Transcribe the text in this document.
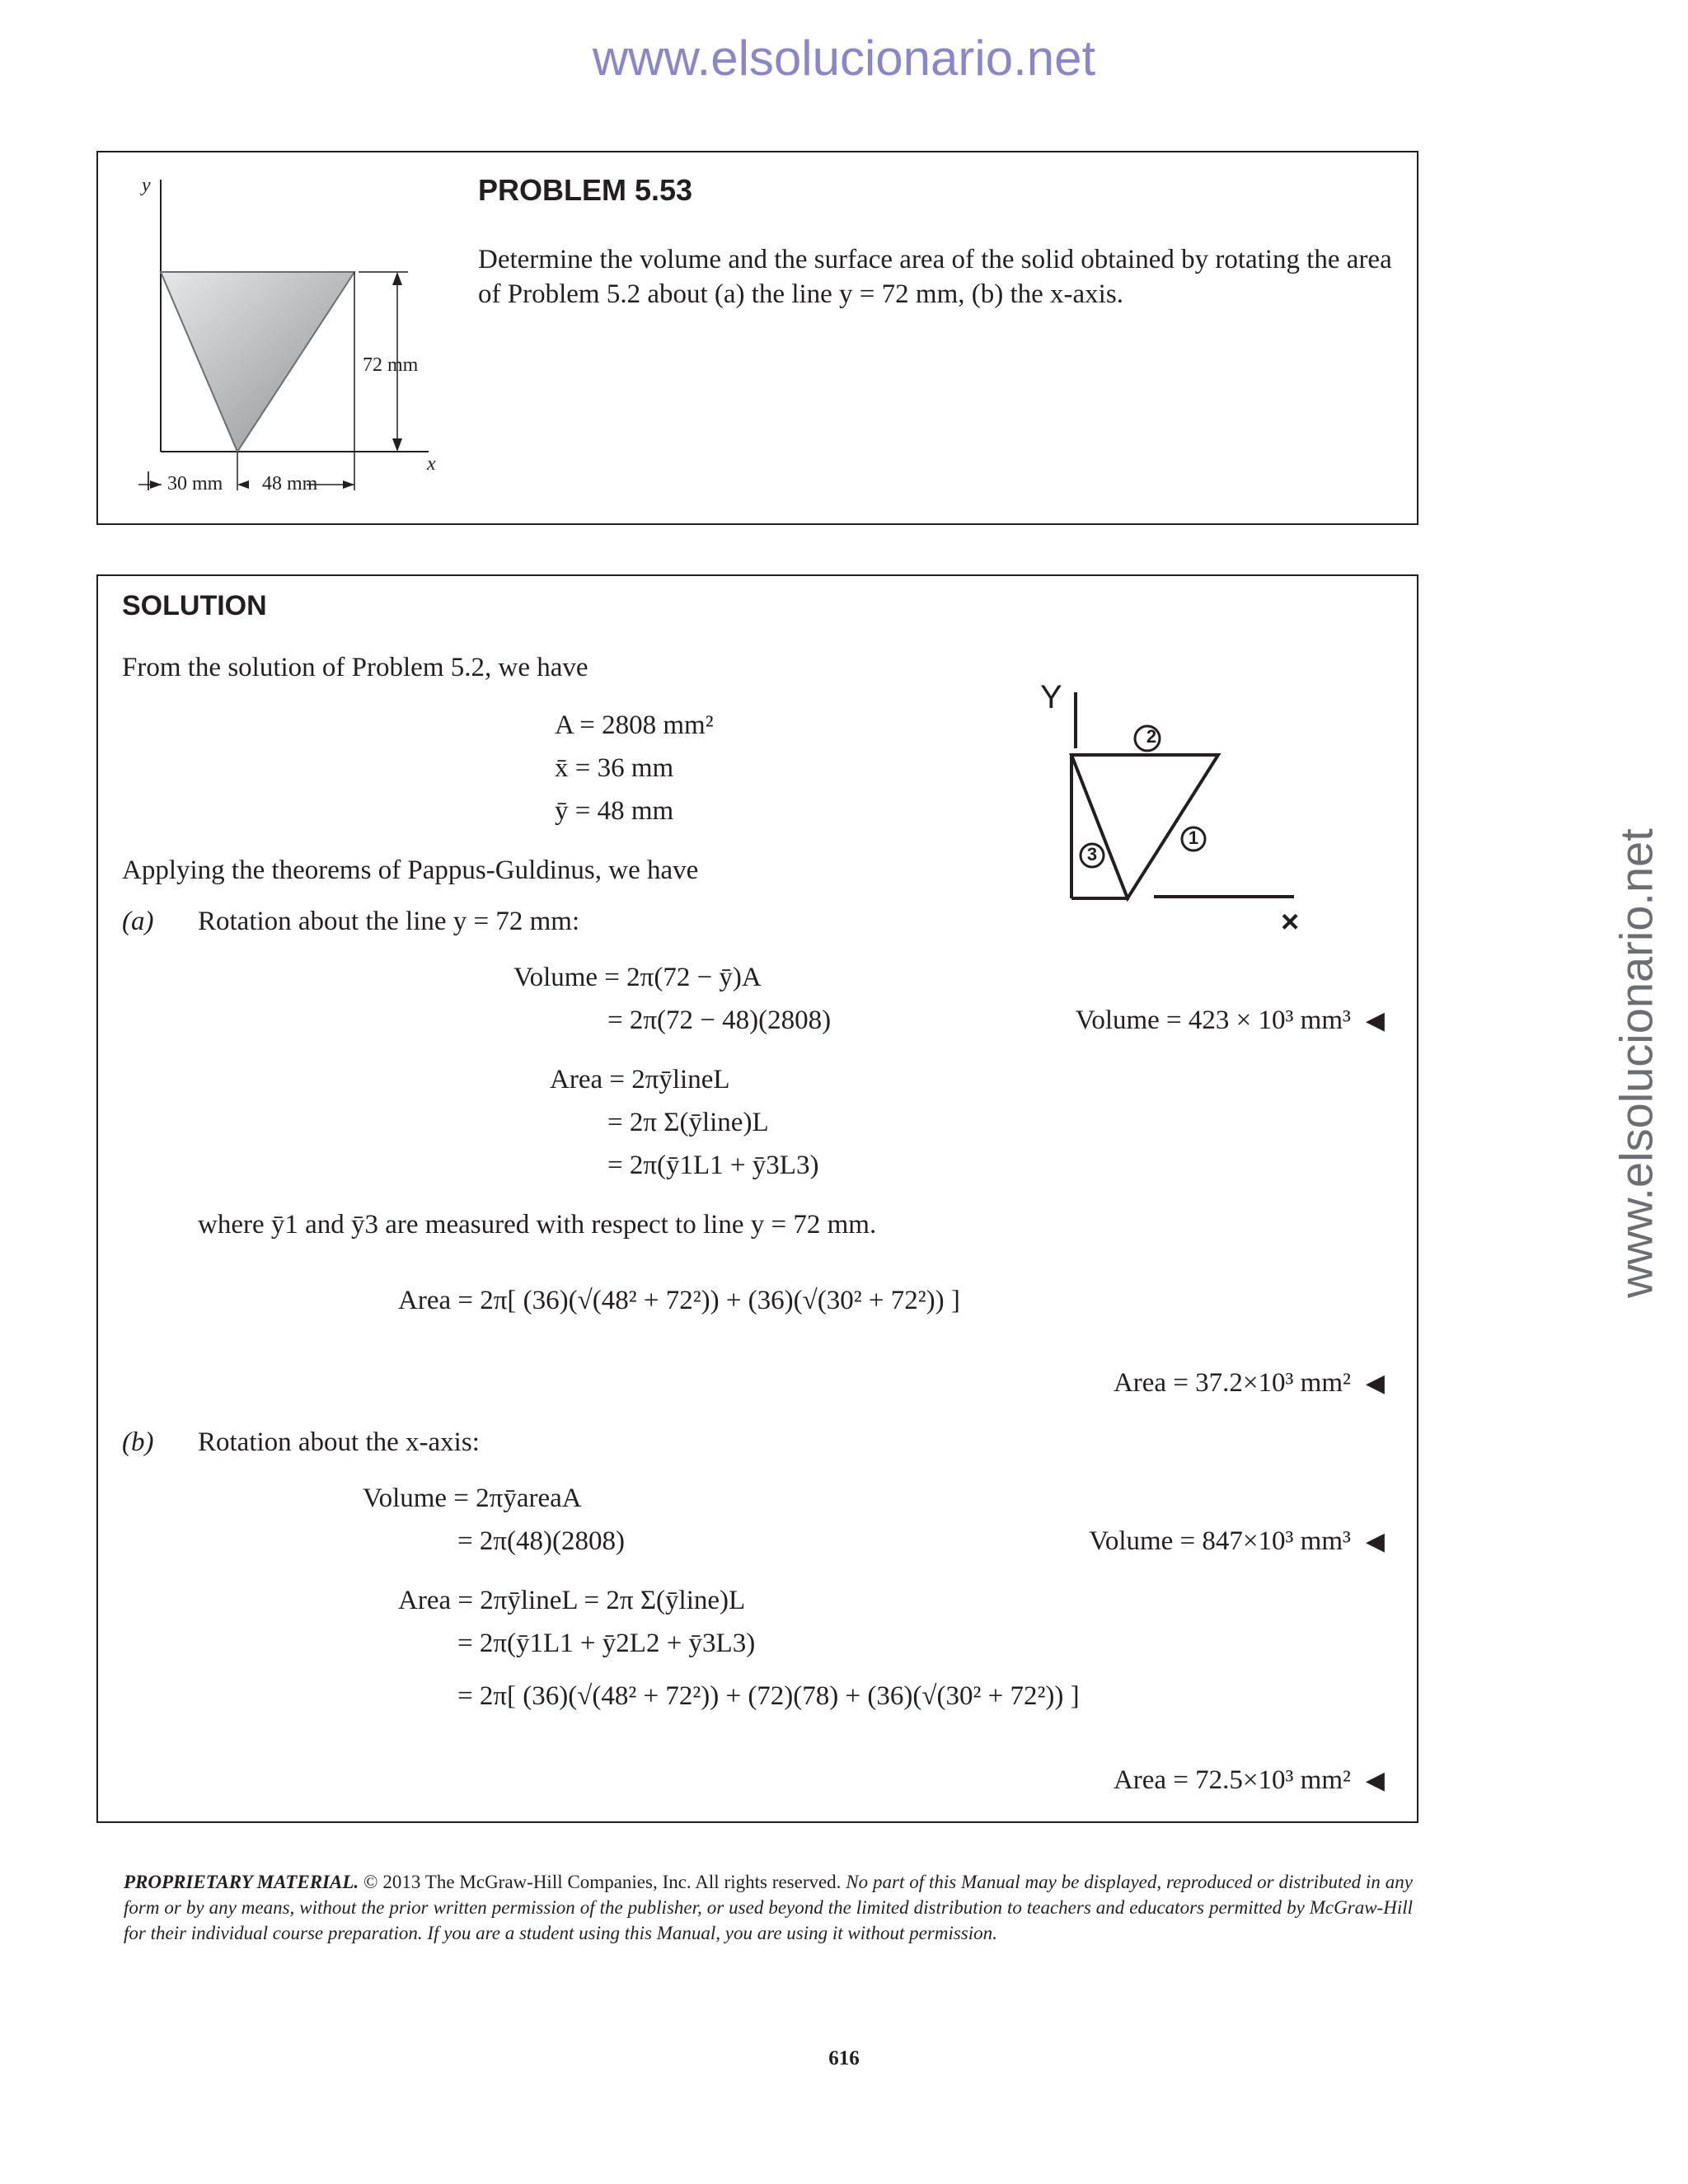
www.elsolucionario.net
www.elsolucionario.net
y
x
72 mm
30 mm 48 mm
PROBLEM 5.53
Determine the volume and the surface area of the solid obtained by rotating the area of Problem 5.2 about (a) the line y = 72 mm, (b) the x-axis.
SOLUTION
From the solution of Problem 5.2, we have
A = 2808 mm²
x̄ = 36 mm
ȳ = 48 mm
Y
×
2
1
3
Applying the theorems of Pappus-Guldinus, we have
(a) Rotation about the line y = 72 mm:
Volume = 2π(72 − ȳ)A
= 2π(72 − 48)(2808)	Volume = 423 × 10³ mm³ ◀
Area = 2πȳlineL
= 2π Σ(ȳline)L
= 2π(ȳ1L1 + ȳ3L3)
where ȳ1 and ȳ3 are measured with respect to line y = 72 mm.
Area = 2π[ (36)(√(48² + 72²)) + (36)(√(30² + 72²)) ]
Area = 37.2×10³ mm² ◀
(b) Rotation about the x-axis:
Volume = 2πȳareaA
= 2π(48)(2808)	Volume = 847×10³ mm³ ◀
Area = 2πȳlineL = 2π Σ(ȳline)L
= 2π(ȳ1L1 + ȳ2L2 + ȳ3L3)
= 2π[ (36)(√(48² + 72²)) + (72)(78) + (36)(√(30² + 72²)) ]
Area = 72.5×10³ mm² ◀
PROPRIETARY MATERIAL. © 2013 The McGraw-Hill Companies, Inc. All rights reserved. No part of this Manual may be displayed, reproduced or distributed in any form or by any means, without the prior written permission of the publisher, or used beyond the limited distribution to teachers and educators permitted by McGraw-Hill for their individual course preparation. If you are a student using this Manual, you are using it without permission.
616
